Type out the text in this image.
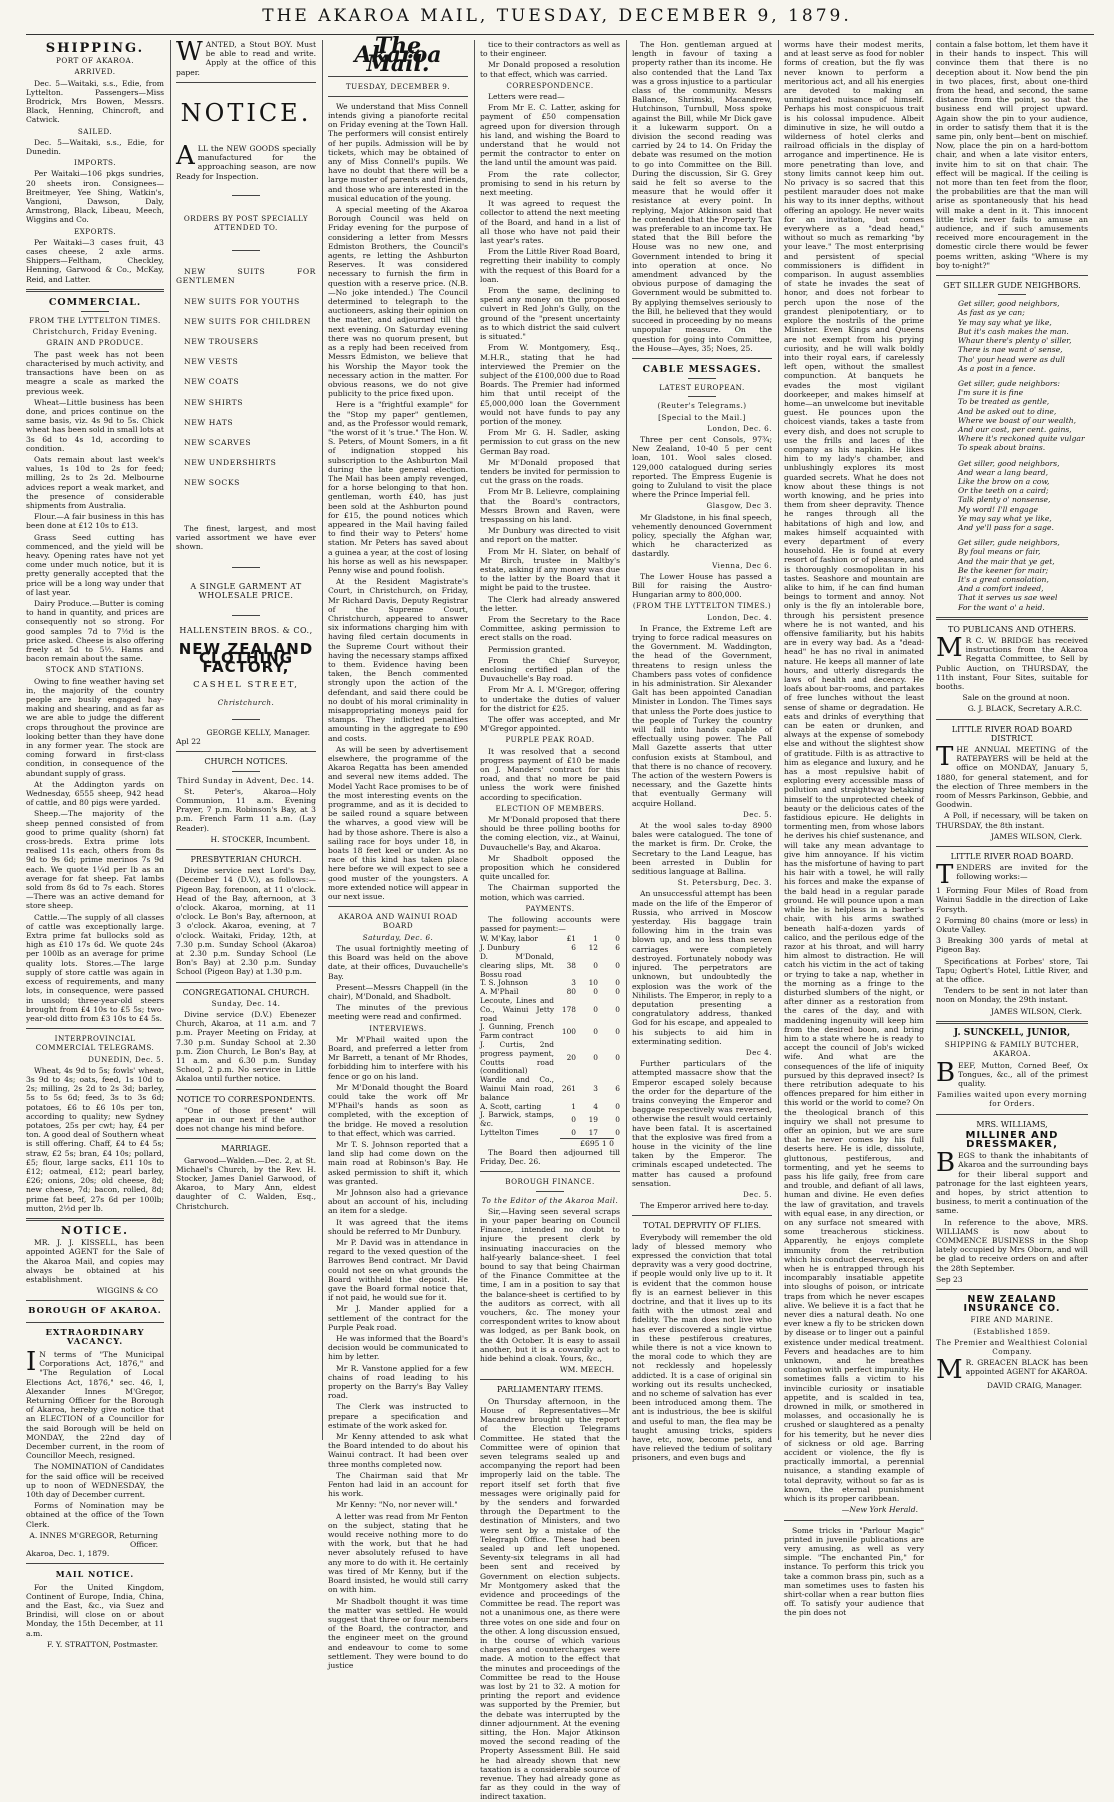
THE AKAROA MAIL, TUESDAY, DECEMBER 9, 1879.
SHIPPING.
PORT OF AKAROA.
ARRIVED.

Dec. 5—Waitaki, s.s., Edie, from Lyttelton. Passengers—Miss Brodrick, Mrs Bowen, Messrs. Black, Henning, Chincroft, and Catwick.

SAILED.

Dec. 5—Waitaki, s.s., Edie, for Dunedin.

IMPORTS.

Per Waitaki—106 pkgs sundries, 20 sheets iron. Consignees—Breitmeyer, Yee Shing, Watkin's, Vangioni, Dawson, Daly, Armstrong, Black, Libeau, Meech, Wiggins and Co.

EXPORTS.

Per Waitaki—3 cases fruit, 43 cases cheese, 2 axle arms. Shippers—Feltham, Checkley, Henning, Garwood & Co., McKay, Reid, and Latter.

COMMERCIAL.
FROM THE LYTTELTON TIMES.
Christchurch, Friday Evening.
GRAIN AND PRODUCE.

The past week has not been characterised by much activity, and transactions have been on as meagre a scale as marked the previous week.

Wheat—Little business has been done, and prices continue on the same basis, viz. 4s 9d to 5s. Chick wheat has been sold in small lots at 3s 6d to 4s 1d, according to condition.

Oats remain about last week's values, 1s 10d to 2s for feed; milling, 2s to 2s 2d. Melbourne advices report a weak market, and the presence of considerable shipments from Australia.

Flour.—A fair business in this has been done at £12 10s to £13.

Grass Seed cutting has commenced, and the yield will be heavy. Opening rates have not yet come under much notice, but it is pretty generally accepted that the price will be a long way under that of last year.

Dairy Produce.—Butter is coming to hand in quantity, and prices are consequently not so strong. For good samples 7d to 7½d is the price asked. Cheese is also offering freely at 5d to 5½. Hams and bacon remain about the same.

STOCK AND STATIONS.

Owing to fine weather having set in, the majority of the country people are busily engaged hay-making and shearing, and as far as we are able to judge the different crops throughout the province are looking better than they have done in any former year. The stock are coming forward in first-class condition, in consequence of the abundant supply of grass.

At the Addington yards on Wednesday, 6555 sheep, 942 head of cattle, and 80 pigs were yarded.

Sheep.—The majority of the sheep penned consisted of from good to prime quality (shorn) fat cross-breds. Extra prime lots realised 11s each, others from 8s 9d to 9s 6d; prime merinos 7s 9d each. We quote 1¼d per lb as an average for fat sheep. Fat lambs sold from 8s 6d to 7s each. Stores—There was an active demand for store sheep.

Cattle.—The supply of all classes of cattle was exceptionally large. Extra prime fat bullocks sold as high as £10 17s 6d. We quote 24s per 100lb as an average for prime quality lots. Stores.—The large supply of store cattle was again in excess of requirements, and many lots, in consequence, were passed in unsold; three-year-old steers brought from £4 10s to £5 5s; two-year-old ditto from £3 10s to £4 5s.

INTERPROVINCIAL COMMERCIAL TELEGRAMS.
DUNEDIN, Dec. 5.

Wheat, 4s 9d to 5s; fowls' wheat, 3s 9d to 4s; oats, feed, 1s 10d to 2s; milling, 2s 2d to 2s 3d; barley, 5s to 5s 6d; feed, 3s to 3s 6d; potatoes, £6 to £6 10s per ton, according to quality; new Sydney potatoes, 25s per cwt; hay, £4 per ton. A good deal of Southern wheat is still offering. Chaff, £4 to £4 5s; straw, £2 5s; bran, £4 10s; pollard, £5; flour, large sacks, £11 10s to £12; oatmeal, £12; pearl barley, £26; onions, 20s; old cheese, 8d; new cheese, 7d; bacon, rolled, 8d; prime fat beef, 27s 6d per 100lb; mutton, 2½d per lb.

NOTICE.

MR. J. J. KISSELL, has been appointed AGENT for the Sale of the Akaroa Mail, and copies may always be obtained at his establishment.

WIGGINS & CO
BOROUGH OF AKAROA.
EXTRAORDINARY VACANCY.

I N terms of "The Municipal Corporations Act, 1876," and "The Regulation of Local Elections Act, 1876," sec. 46, I, Alexander Innes M'Gregor, Returning Officer for the Borough of Akaroa, hereby give notice that an ELECTION of a Councillor for the said Borough will be held on MONDAY, the 22nd day of December current, in the room of Councillor Meech, resigned.

The NOMINATION of Candidates for the said office will be received up to noon of WEDNESDAY, the 10th day of December current.

Forms of Nomination may be obtained at the office of the Town Clerk.

A. INNES M'GREGOR, Returning Officer.
Akaroa, Dec. 1, 1879.
MAIL NOTICE.

For the United Kingdom, Continent of Europe, India, China, and the East, &c., via Suez and Brindisi, will close on or about Monday, the 15th December, at 11 a.m.

F. Y. STRATTON, Postmaster.

WANTED, a Stout BOY. Must be able to read and write. Apply at the office of this paper.

NOTICE.

ALL the NEW GOODS specially manufactured for the approaching season, are now Ready for Inspection.

ORDERS BY POST SPECIALLY ATTENDED TO.

NEW SUITS FOR GENTLEMEN

NEW SUITS FOR YOUTHS

NEW SUITS FOR CHILDREN

NEW TROUSERS

NEW VESTS

NEW COATS

NEW SHIRTS

NEW HATS

NEW SCARVES

NEW UNDERSHIRTS

NEW SOCKS

The finest, largest, and most varied assortment we have ever shown.

A SINGLE GARMENT AT WHOLESALE PRICE.
HALLENSTEIN BROS. & CO.,
NEW ZEALAND CLOTHING FACTORY,
CASHEL STREET,
Christchurch.
GEORGE KELLY, Manager.
Apl 22
CHURCH NOTICES.
Third Sunday in Advent, Dec. 14.

St. Peter's, Akaroa—Holy Communion, 11 a.m. Evening Prayer, 7 p.m. Robinson's Bay, at 3 p.m. French Farm 11 a.m. (Lay Reader).

H. STOCKER, Incumbent.
PRESBYTERIAN CHURCH.

Divine service next Lord's Day, (December 14 (D.V.), as follows:— Pigeon Bay, forenoon, at 11 o'clock. Head of the Bay, afternoon, at 3 o'clock. Akaroa, morning, at 11 o'clock. Le Bon's Bay, afternoon, at 3 o'clock. Akaroa, evening, at 7 o'clock. Waitaki, Friday, 12th, at 7.30 p.m. Sunday School (Akaroa) at 2.30 p.m. Sunday School (Le Bon's Bay) at 2.30 p.m. Sunday School (Pigeon Bay) at 1.30 p.m.

CONGREGATIONAL CHURCH.
Sunday, Dec. 14.

Divine service (D.V.) Ebenezer Church, Akaroa, at 11 a.m. and 7 p.m. Prayer Meeting on Friday, at 7.30 p.m. Sunday School at 2.30 p.m. Zion Church, Le Bon's Bay, at 11 a.m. and 6.30 p.m. Sunday School, 2 p.m. No service in Little Akaloa until further notice.

NOTICE TO CORRESPONDENTS.

"One of those present" will appear in our next if the author does not change his mind before.

MARRIAGE.

Garwood—Walden.—Dec. 2, at St. Michael's Church, by the Rev. H. Stocker, James Daniel Garwood, of Akaroa, to Mary Ann, eldest daughter of C. Walden, Esq., Christchurch.

The Akaroa Mail.
TUESDAY, DECEMBER 9.

We understand that Miss Connell intends giving a pianoforte recital on Friday evening at the Town Hall. The performers will consist entirely of her pupils. Admission will be by tickets, which may be obtained of any of Miss Connell's pupils. We have no doubt that there will be a large muster of parents and friends, and those who are interested in the musical education of the young.

A special meeting of the Akaroa Borough Council was held on Friday evening for the purpose of considering a letter from Messrs Edmiston Brothers, the Council's agents, re letting the Ashburton Reserves. It was considered necessary to furnish the firm in question with a reserve price. (N.B.—No joke intended.) The Council determined to telegraph to the auctioneers, asking their opinion on the matter, and adjourned till the next evening. On Saturday evening there was no quorum present, but as a reply had been received from Messrs Edmiston, we believe that his Worship the Mayor took the necessary action in the matter. For obvious reasons, we do not give publicity to the price fixed upon.

Here is a "frightful example" for the "Stop my paper" gentlemen, and, as the Professor would remark, "the worst of it 's true." The Hon. W. S. Peters, of Mount Somers, in a fit of indignation stopped his subscription to the Ashburton Mail during the late general election. The Mail has been amply revenged, for a horse belonging to that hon. gentleman, worth £40, has just been sold at the Ashburton pound for £15, the pound notices which appeared in the Mail having failed to find their way to Peters' home station. Mr Peters has saved about a guinea a year, at the cost of losing his horse as well as his newspaper. Penny wise and pound foolish.

At the Resident Magistrate's Court, in Christchurch, on Friday, Mr Richard Davis, Deputy Registrar of the Supreme Court, Christchurch, appeared to answer six informations charging him with having filed certain documents in the Supreme Court without their having the necessary stamps affixed to them. Evidence having been taken, the Bench commented strongly upon the action of the defendant, and said there could be no doubt of his moral criminality in misappropriating moneys paid for stamps. They inflicted penalties amounting in the aggregate to £90 and costs.

As will be seen by advertisement elsewhere, the programme of the Akaroa Regatta has been amended and several new items added. The Model Yacht Race promises to be of the most interesting events on the programme, and as it is decided to be sailed round a square between the wharves, a good view will be had by those ashore. There is also a sailing race for boys under 18, in boats 18 feet keel or under. As no race of this kind has taken place here before we will expect to see a good muster of the youngsters. A more extended notice will appear in our next issue.

AKAROA AND WAINUI ROAD BOARD
Saturday, Dec. 6.

The usual fortnightly meeting of this Board was held on the above date, at their offices, Duvauchelle's Bay.

Present—Messrs Chappell (in the chair), M'Donald, and Shadbolt.

The minutes of the previous meeting were read and confirmed.

INTERVIEWS.

Mr M'Phail waited upon the Board, and preferred a letter from Mr Barrett, a tenant of Mr Rhodes, forbidding him to interfere with his fence or go on his land.

Mr M'Donald thought the Board could take the work off Mr M'Phail's hands as soon as completed, with the exception of the bridge. He moved a resolution to that effect, which was carried.

Mr T. S. Johnson reported that a land slip had come down on the main road at Robinson's Bay. He asked permission to shift it, which was granted.

Mr Johnson also had a grievance about an account of his, including an item for a sledge.

It was agreed that the items should be referred to Mr Dunbury.

Mr P. David was in attendance in regard to the vexed question of the Barrowes Bend contract. Mr David could not see on what grounds the Board withheld the deposit. He gave the Board formal notice that, if not paid, he would sue for it.

Mr J. Mander applied for a settlement of the contract for the Purple Peak road.

He was informed that the Board's decision would be communicated to him by letter.

Mr R. Vanstone applied for a few chains of road leading to his property on the Barry's Bay Valley road.

The Clerk was instructed to prepare a specification and estimate of the work asked for.

Mr Kenny attended to ask what the Board intended to do about his Wainui contract. It had been over three months completed now.

The Chairman said that Mr Fenton had laid in an account for his work.

Mr Kenny: "No, nor never will."

A letter was read from Mr Fenton on the subject, stating that he would receive nothing more to do with the work, but that he had never absolutely refused to have any more to do with it. He certainly was tired of Mr Kenny, but if the Board insisted, he would still carry on with him.

Mr Shadbolt thought it was time the matter was settled. He would suggest that three or four members of the Board, the contractor, and the engineer meet on the ground and endeavour to come to some settlement. They were bound to do justice

tice to their contractors as well as to their engineer.

Mr Donald proposed a resolution to that effect, which was carried.

CORRESPONDENCE.

Letters were read—

From Mr E. C. Latter, asking for payment of £50 compensation agreed upon for diversion through his land, and wishing the Board to understand that he would not permit the contractor to enter on the land until the amount was paid.

From the rate collector, promising to send in his return by next meeting.

It was agreed to request the collector to attend the next meeting of the Board, and hand in a list of all those who have not paid their last year's rates.

From the Little River Road Board, regretting their inability to comply with the request of this Board for a loan.

From the same, declining to spend any money on the proposed culvert in Red John's Gully, on the ground of the "present uncertainty as to which district the said culvert is situated."

From W. Montgomery, Esq., M.H.R., stating that he had interviewed the Premier on the subject of the £100,000 due to Road Boards. The Premier had informed him that until receipt of the £5,000,000 loan the Government would not have funds to pay any portion of the money.

From Mr G. H. Sadler, asking permission to cut grass on the new German Bay road.

Mr M'Donald proposed that tenders be invited for permission to cut the grass on the roads.

From Mr B. Lelievre, complaining that the Board's contractors, Messrs Brown and Raven, were trespassing on his land.

Mr Dunbury was directed to visit and report on the matter.

From Mr H. Slater, on behalf of Mr Birch, trustee in Maltby's estate, asking if any money was due to the latter by the Board that it might be paid to the trustee.

The Clerk had already answered the letter.

From the Secretary to the Race Committee, asking permission to erect stalls on the road.

Permission granted.

From the Chief Surveyor, enclosing certified plan of the Duvauchelle's Bay road.

From Mr A. I. M'Gregor, offering to undertake the duties of valuer for the district for £25.

The offer was accepted, and Mr M'Gregor appointed.

PURPLE PEAK ROAD.

It was resolved that a second progress payment of £10 be made on J. Manders' contract for this road, and that no more be paid unless the work were finished according to specification.

ELECTION OF MEMBERS.

Mr M'Donald proposed that there should be three polling booths for the coming election, viz., at Wainui, Duvauchelle's Bay, and Akaroa.

Mr Shadbolt opposed the proposition which he considered quite uncalled for.

The Chairman supported the motion, which was carried.

PAYMENTS.

The following accounts were passed for payment:—

W. M'Kay, labor	£1	1	0
J. Dunbury	6	12	6
D. M'Donald, clearing slips, Mt. Bossu road	38	0	0
T. S. Johnson	3	10	0
A. M'Phail	80	0	0
Lecoute, Lines and Co., Wainui Jetty road	178	0	0
J. Gunning, French Farm contract	100	0	0
J. Curtis, 2nd progress payment, Coutts road (conditional)	20	0	0
Wardle and Co., Wainui Main road, balance	261	3	6
A. Scott, carting	1	4	0
J. Barwick, stamps, &c.	0	19	0
Lyttelton Times	0	17	0
£695 1 0

The Board then adjourned till Friday, Dec. 26.

BOROUGH FINANCE.
To the Editor of the Akaroa Mail.

Sir,—Having seen several scraps in your paper bearing on Council Finance, intended no doubt to injure the present clerk by insinuating inaccuracies on the half-yearly balance-sheet. I feel bound to say that being Chairman of the Finance Committee at the time, I am in a position to say that the balance-sheet is certified to by the auditors as correct, with all vouchers, &c. The money your correspondent writes to know about was lodged, as per Bank book, on the 4th October. It is easy to assail another, but it is a cowardly act to hide behind a cloak. Yours, &c.,

WM. MEECH.
PARLIAMENTARY ITEMS.

On Thursday afternoon, in the House of Representatives—Mr Macandrew brought up the report of the Election Telegrams Committee. He stated that the Committee were of opinion that seven telegrams sealed up and accompanying the report had been improperly laid on the table. The report itself set forth that five messages were originally paid for by the senders and forwarded through the Department to the destination of Ministers, and two were sent by a mistake of the Telegraph Office. These had been sealed up and left unopened. Seventy-six telegrams in all had been sent and received by Government on election subjects. Mr Montgomery asked that the evidence and proceedings of the Committee be read. The report was not a unanimous one, as there were three votes on one side and four on the other. A long discussion ensued, in the course of which various charges and countercharges were made. A motion to the effect that the minutes and proceedings of the Committee be read to the House was lost by 21 to 32. A motion for printing the report and evidence was supported by the Premier, but the debate was interrupted by the dinner adjournment. At the evening sitting, the Hon. Major Atkinson moved the second reading of the Property Assessment Bill. He said he had already shown that new taxation is a considerable source of revenue. They had already gone as far as they could in the way of indirect taxation.

The Hon. gentleman argued at length in favour of taxing a property rather than its income. He also contended that the Land Tax was a gross injustice to a particular class of the community. Messrs Ballance, Shrimski, Macandrew, Hutchinson, Turnbull, Moss spoke against the Bill, while Mr Dick gave it a lukewarm support. On a division the second reading was carried by 24 to 14. On Friday the debate was resumed on the motion to go into Committee on the Bill. During the discussion, Sir G. Grey said he felt so averse to the measure that he would offer it resistance at every point. In replying, Major Atkinson said that he contended that the Property Tax was preferable to an income tax. He stated that the Bill before the House was no new one, and Government intended to bring it into operation at once. No amendment advanced by the obvious purpose of damaging the Government would be submitted to. By applying themselves seriously to the Bill, he believed that they would succeed in proceeding by no means unpopular measure. On the question for going into Committee, the House—Ayes, 35; Noes, 25.

CABLE MESSAGES.
LATEST EUROPEAN.
(Reuter's Telegrams.)
[Special to the Mail.]
London, Dec. 6.

Three per cent Consols, 97¾; New Zealand, 10-40 5 per cent loan, 101. Wool sales closed. 129,000 catalogued during series reported. The Empress Eugenie is going to Zululand to visit the place where the Prince Imperial fell.

Glasgow, Dec 3.

Mr Gladstone, in his final speech, vehemently denounced Government policy, specially the Afghan war, which he characterized as dastardly.

Vienna, Dec 6.

The Lower House has passed a Bill for raising the Austro-Hungarian army to 800,000.

(FROM THE LYTTELTON TIMES.)
London, Dec. 4.

In France, the Extreme Left are trying to force radical measures on the Government. M. Waddington, the head of the Government, threatens to resign unless the Chambers pass votes of confidence in his administration. Sir Alexander Galt has been appointed Canadian Minister in London. The Times says that unless the Porte does justice to the people of Turkey the country will fall into hands capable of effectually using power. The Pall Mall Gazette asserts that utter confusion exists at Stamboul, and that there is no chance of recovery. The action of the western Powers is necessary, and the Gazette hints that eventually Germany will acquire Holland.

Dec. 5.

At the wool sales to-day 8900 bales were catalogued. The tone of the market is firm. Dr. Croke, the Secretary to the Land League, has been arrested in Dublin for seditious language at Ballina.

St. Petersburg, Dec. 3.

An unsuccessful attempt has been made on the life of the Emperor of Russia, who arrived in Moscow yesterday. His baggage train following him in the train was blown up, and no less than seven carriages were completely destroyed. Fortunately nobody was injured. The perpetrators are unknown, but undoubtedly the explosion was the work of the Nihilists. The Emperor, in reply to a deputation presenting a congratulatory address, thanked God for his escape, and appealed to his subjects to aid him in exterminating sedition.

Dec 4.

Further particulars of the attempted massacre show that the Emperor escaped solely because the order for the departure of the trains conveying the Emperor and baggage respectively was reversed, otherwise the result would certainly have been fatal. It is ascertained that the explosive was fired from a house in the vicinity of the line taken by the Emperor. The criminals escaped undetected. The matter has caused a profound sensation.

Dec. 5.

The Emperor arrived here to-day.

TOTAL DEPRVITY OF FLIES.

Everybody will remember the old lady of blessed memory who expressed the conviction that total depravity was a very good doctrine, if people would only live up to it. It is evident that the common house fly is an earnest believer in this doctrine, and that it lives up to its faith with the utmost zeal and fidelity. The man does not live who has ever discovered a single virtue in these pestiferous creatures, while there is not a vice known to the moral code to which they are not recklessly and hopelessly addicted. It is a case of original sin working out its results unchecked, and no scheme of salvation has ever been introduced among them. The ant is industrious, the bee is skilful and useful to man, the flea may be taught amusing tricks, spiders have, etc, now, become pets, and have relieved the tedium of solitary prisoners, and even bugs and

worms have their modest merits, and at least serve as food for nobler forms of creation, but the fly was never known to perform a meritorious act, and all his energies are devoted to making an unmitigated nuisance of himself. Perhaps his most conspicuous trait is his colossal impudence. Albeit diminutive in size, he will outdo a wilderness of hotel clerks and railroad officials in the display of arrogance and impertinence. He is more penetrating than love, and stony limits cannot keep him out. No privacy is so sacred that this pestilent marauder does not make his way to its inner depths, without offering an apology. He never waits for an invitation, but comes everywhere as a "dead head," without so much as remarking "by your leave." The most enterprising and persistent of special commissioners is diffident in comparison. In august assemblies of state he invades the seat of honor, and does not forbear to perch upon the nose of the grandest plenipotentiary, or to explore the nostrils of the prime Minister. Even Kings and Queens are not exempt from his prying curiosity, and he will walk boldly into their royal ears, if carelessly left open, without the smallest compunction. At banquets he evades the most vigilant doorkeeper, and makes himself at home—an unwelcome but inevitable guest. He pounces upon the choicest viands, takes a taste from every dish, and does not scruple to use the frills and laces of the company as his napkin. He likes him to my lady's chamber, and unblushingly explores its most guarded secrets. What he does not know about these things is not worth knowing, and he pries into them from sheer depravity. Thence he ranges through all the habitations of high and low, and makes himself acquainted with every department of every household. He is found at every resort of fashion or of pleasure, and is thoroughly cosmopolitan in his tastes. Seashore and mountain are alike to him, if he can find human beings to torment and annoy. Not only is the fly an intolerable bore, through his persistent presence where he is not wanted, and his offensive familiarity, but his habits are in every way bad. As a "dead-head" he has no rival in animated nature. He keeps all manner of late hours, and utterly disregards the laws of health and decency. He loafs about bar-rooms, and partakes of free lunches without the least sense of shame or degradation. He eats and drinks of everything that can be eaten or drunken, and always at the expense of somebody else and without the slightest show of gratitude. Filth is as attractive to him as elegance and luxury, and he has a most repulsive habit of exploring every accessible mass of pollution and straightway betaking himself to the unprotected cheek of beauty or the delicious cates of the fastidious epicure. He delights in tormenting men, from whose labors he derives his chief sustenance, and will take any mean advantage to give him annoyance. If his victim has the misfortune of having to part his hair with a towel, he will rally his forces and make the expanse of the bald head in a regular parade ground. He will pounce upon a man while he is helpless in a barber's chair, with his arms swathed beneath half-a-dozen yards of calico, and the perilous edge of the razor at his throat, and will harry him almost to distraction. He will catch his victim in the act of taking or trying to take a nap, whether in the morning as a fringe to the disturbed slumbers of the night, or after dinner as a restoration from the cares of the day, and with maddening ingenuity will keep him from the desired boon, and bring him to a state where he is ready to accept the council of Job's wicked wife. And what are the consequences of the life of iniquity pursued by this depraved insect? Is there retribution adequate to his offences prepared for him either in this world or the world to come? On the theological branch of this inquiry we shall not presume to offer an opinion, but we are sure that he never comes by his full deserts here. He is idle, dissolute, gluttonous, pestiferous, and tormenting, and yet he seems to pass his life gaily, free from care and trouble, and defiant of all laws, human and divine. He even defies the law of gravitation, and travels with equal ease, in any direction, or on any surface not smeared with some treacherous stickiness. Apparently, he enjoys complete immunity from the retribution which his conduct deserves, except when he is entrapped through his incomparably insatiable appetite into sloughs of poison, or intricate traps from which he never escapes alive. We believe it is a fact that he never dies a natural death. No one ever knew a fly to be stricken down by disease or to linger out a painful existence under medical treatment. Fevers and headaches are to him unknown, and he breathes contagion with perfect impunity. He sometimes falls a victim to his invincible curiosity or insatiable appetite, and is scalded in tea, drowned in milk, or smothered in molasses, and occasionally he is crushed or slaughtered as a penalty for his temerity, but he never dies of sickness or old age. Barring accident or violence, the fly is practically immortal, a perennial nuisance, a standing example of total depravity, without so far as is known, the eternal punishment which is its proper caribbean.

—New York Herald.

Some tricks in "Parlour Magic" printed in juvenile publications are very amusing, as well as very simple. "The enchanted Pin," for instance. To perform this trick you take a common brass pin, such as a man sometimes uses to fasten his shirt-collar when a rear button flies off. To satisfy your audience that the pin does not

contain a false bottom, let them have it in their hands to inspect. This will convince them that there is no deception about it. Now bend the pin in two places, first, about one-third from the head, and second, the same distance from the point, so that the business end will project upward. Again show the pin to your audience, in order to satisfy them that it is the same pin, only bent—bent on mischief. Now, place the pin on a hard-bottom chair, and when a late visitor enters, invite him to sit on that chair. The effect will be magical. If the ceiling is not more than ten feet from the floor, the probabilities are that the man will arise as spontaneously that his head will make a dent in it. This innocent little trick never fails to amuse an audience, and if such amusements received more encouragement in the domestic circle there would be fewer poems written, asking "Where is my boy to-night?"

GET SILLER GUDE NEIGHBORS.
Get siller, good neighbors,
As fast as ye can;
Ye may say what ye like,
But it's cash makes the man.
Whaur there's plenty o' siller,
There is nae want o' sense,
Tho' your head were as dull
As a post in a fence.
Get siller, gude neighbors:
I'm sure it is fine
To be treated as gentle,
And be asked out to dine,
Where we boast of our wealth,
And our cost, per cent. gains,
Where it's reckoned quite vulgar
To speak about brains.
Get siller, good neighbors,
And wear a lang beard,
Like the brow on a cow,
Or the teeth on a caird;
Talk plenty o' nonsense,
My word! I'll engage
Ye may say what ye like,
And ye'll pass for a sage.
Get siller, gude neighbors,
By foul means or fair,
And the mair that ye get,
Be the keener for mair;
It's a great consolation,
And a comfort indeed,
That it serves us sae weel
For the want o' a heid.
TO PUBLICANS AND OTHERS.

M R C. W. BRIDGE has received instructions from the Akaroa Regatta Committee, to Sell by Public Auction, on THURSDAY, the 11th instant, Four Sites, suitable for booths.

Sale on the ground at noon.

G. J. BLACK, Secretary A.R.C.
LITTLE RIVER ROAD BOARD DISTRICT.

THE ANNUAL MEETING of the RATEPAYERS will be held at the office on MONDAY, January 5, 1880, for general statement, and for the election of Three members in the room of Messrs Parkinson, Gebbie, and Goodwin.

A Poll, if necessary, will be taken on THURSDAY, the 8th instant.

JAMES WILSON, Clerk.
LITTLE RIVER ROAD BOARD.

TENDERS are invited for the following works:—

1 Forming Four Miles of Road from Wainui Saddle in the direction of Lake Forsyth.

2 Forming 80 chains (more or less) in Okute Valley.

3 Breaking 300 yards of metal at Pigeon Bay.

Specifications at Forbes' store, Tai Tapu; Ogbert's Hotel, Little River, and at the office.

Tenders to be sent in not later than noon on Monday, the 29th instant.

JAMES WILSON, Clerk.
J. SUNCKELL, JUNIOR,
SHIPPING & FAMILY BUTCHER, AKAROA.

BEEF, Mutton, Corned Beef, Ox Tongues, &c., all of the primest quality.

Families waited upon every morning for Orders.
MRS. WILLIAMS,
MILLINER AND DRESSMAKER,

BEGS to thank the inhabitants of Akaroa and the surrounding bays for their liberal support and patronage for the last eighteen years, and hopes, by strict attention to business, to merit a continuation of the same.

In reference to the above, MRS. WILLIAMS is now about to COMMENCE BUSINESS in the Shop lately occupied by Mrs Oborn, and will be glad to receive orders on and after the 28th September.

Sep 23
NEW ZEALAND INSURANCE CO.
FIRE AND MARINE.
(Established 1859.
The Premier and Wealthiest Colonial Company.

M R. GREACEN BLACK has been appointed AGENT for AKAROA.

DAVID CRAIG, Manager.
